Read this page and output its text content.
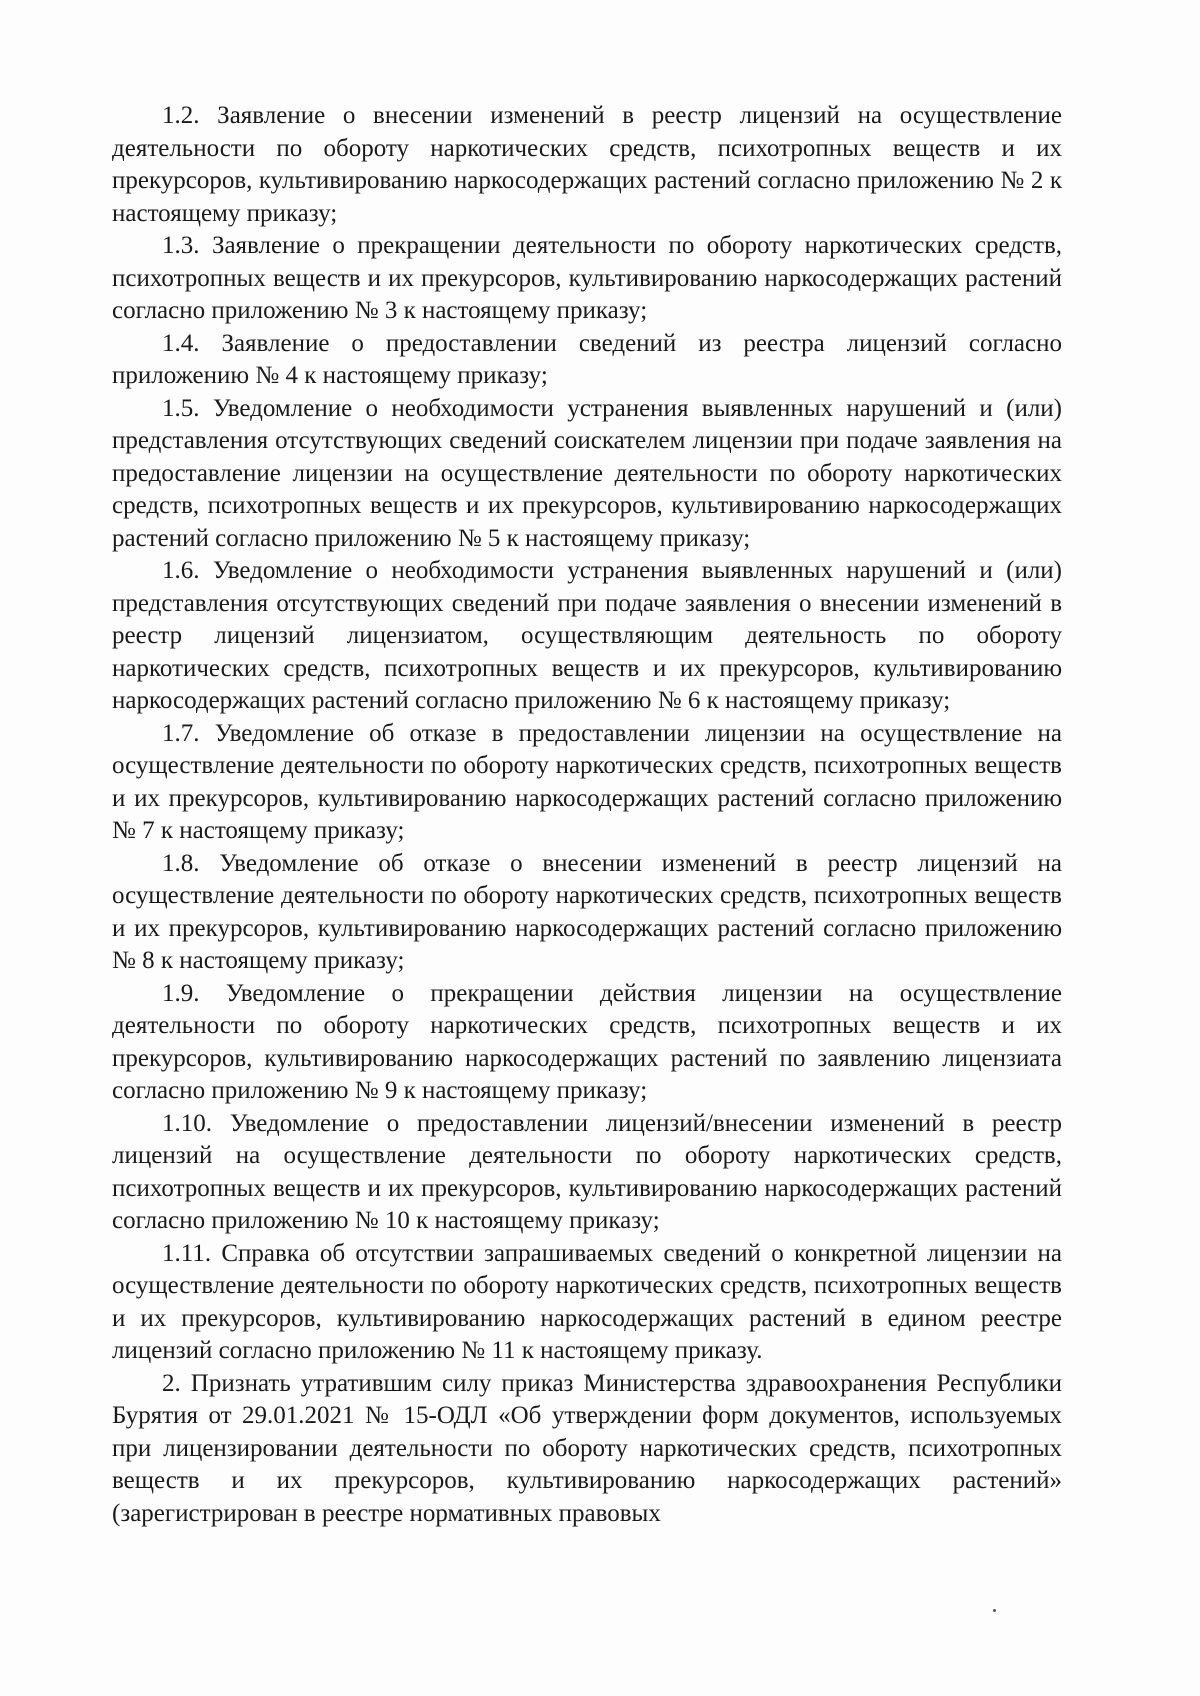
1.2. Заявление о внесении изменений в реестр лицензий на осуществление деятельности по обороту наркотических средств, психотропных веществ и их прекурсоров, культивированию наркосодержащих растений согласно приложению № 2 к настоящему приказу;

1.3. Заявление о прекращении деятельности по обороту наркотических средств, психотропных веществ и их прекурсоров, культивированию наркосодержащих растений согласно приложению № 3 к настоящему приказу;

1.4. Заявление о предоставлении сведений из реестра лицензий согласно приложению № 4 к настоящему приказу;

1.5. Уведомление о необходимости устранения выявленных нарушений и (или) представления отсутствующих сведений соискателем лицензии при подаче заявления на предоставление лицензии на осуществление деятельности по обороту наркотических средств, психотропных веществ и их прекурсоров, культивированию наркосодержащих растений согласно приложению № 5 к настоящему приказу;

1.6. Уведомление о необходимости устранения выявленных нарушений и (или) представления отсутствующих сведений при подаче заявления о внесении изменений в реестр лицензий лицензиатом, осуществляющим деятельность по обороту наркотических средств, психотропных веществ и их прекурсоров, культивированию наркосодержащих растений согласно приложению № 6 к настоящему приказу;

1.7. Уведомление об отказе в предоставлении лицензии на осуществление на осуществление деятельности по обороту наркотических средств, психотропных веществ и их прекурсоров, культивированию наркосодержащих растений согласно приложению № 7 к настоящему приказу;

1.8. Уведомление об отказе о внесении изменений в реестр лицензий на осуществление деятельности по обороту наркотических средств, психотропных веществ и их прекурсоров, культивированию наркосодержащих растений согласно приложению № 8 к настоящему приказу;

1.9. Уведомление о прекращении действия лицензии на осуществление деятельности по обороту наркотических средств, психотропных веществ и их прекурсоров, культивированию наркосодержащих растений по заявлению лицензиата согласно приложению № 9 к настоящему приказу;

1.10. Уведомление о предоставлении лицензий/внесении изменений в реестр лицензий на осуществление деятельности по обороту наркотических средств, психотропных веществ и их прекурсоров, культивированию наркосодержащих растений согласно приложению № 10 к настоящему приказу;

1.11. Справка об отсутствии запрашиваемых сведений о конкретной лицензии на осуществление деятельности по обороту наркотических средств, психотропных веществ и их прекурсоров, культивированию наркосодержащих растений в едином реестре лицензий согласно приложению № 11 к настоящему приказу.

2. Признать утратившим силу приказ Министерства здравоохранения Республики Бурятия от 29.01.2021 № 15-ОДЛ «Об утверждении форм документов, используемых при лицензировании деятельности по обороту наркотических средств, психотропных веществ и их прекурсоров, культивированию наркосодержащих растений» (зарегистрирован в реестре нормативных правовых
